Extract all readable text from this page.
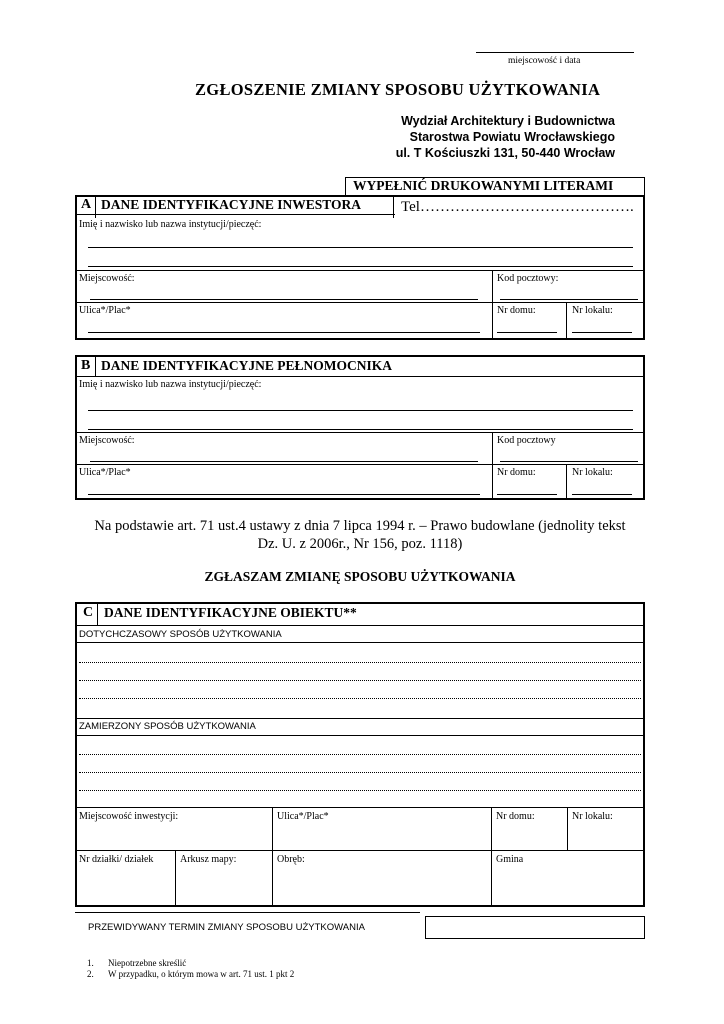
miejscowość i data
ZGŁOSZENIE ZMIANY SPOSOBU UŻYTKOWANIA
Wydział Architektury i Budownictwa
Starostwa Powiatu Wrocławskiego
ul. T Kościuszki 131, 50-440 Wrocław
WYPEŁNIĆ DRUKOWANYMI LITERAMI
A DANE IDENTYFIKACYJNE INWESTORA	Tel…………………………………….
Imię i nazwisko lub nazwa instytucji/pieczęć:
Miejscowość:	Kod pocztowy:
Ulica*/Plac*	Nr domu:	Nr lokalu:
B DANE IDENTYFIKACYJNE PEŁNOMOCNIKA
Imię i nazwisko lub nazwa instytucji/pieczęć:
Miejscowość:	Kod pocztowy
Ulica*/Plac*	Nr domu:	Nr lokalu:
Na podstawie art. 71 ust.4 ustawy z dnia 7 lipca 1994 r. – Prawo budowlane (jednolity tekst
Dz. U. z 2006r., Nr 156, poz. 1118)
ZGŁASZAM ZMIANĘ SPOSOBU UŻYTKOWANIA
C DANE IDENTYFIKACYJNE OBIEKTU**
DOTYCHCZASOWY SPOSÓB UŻYTKOWANIA
ZAMIERZONY SPOSÓB UŻYTKOWANIA
Miejscowość inwestycji:	Ulica*/Plac*	Nr domu:	Nr lokalu:
Nr działki/ działek	Arkusz mapy:	Obręb:	Gmina
PRZEWIDYWANY TERMIN ZMIANY SPOSOBU UŻYTKOWANIA
1. Niepotrzebne skreślić
2. W przypadku, o którym mowa w art. 71 ust. 1 pkt 2
